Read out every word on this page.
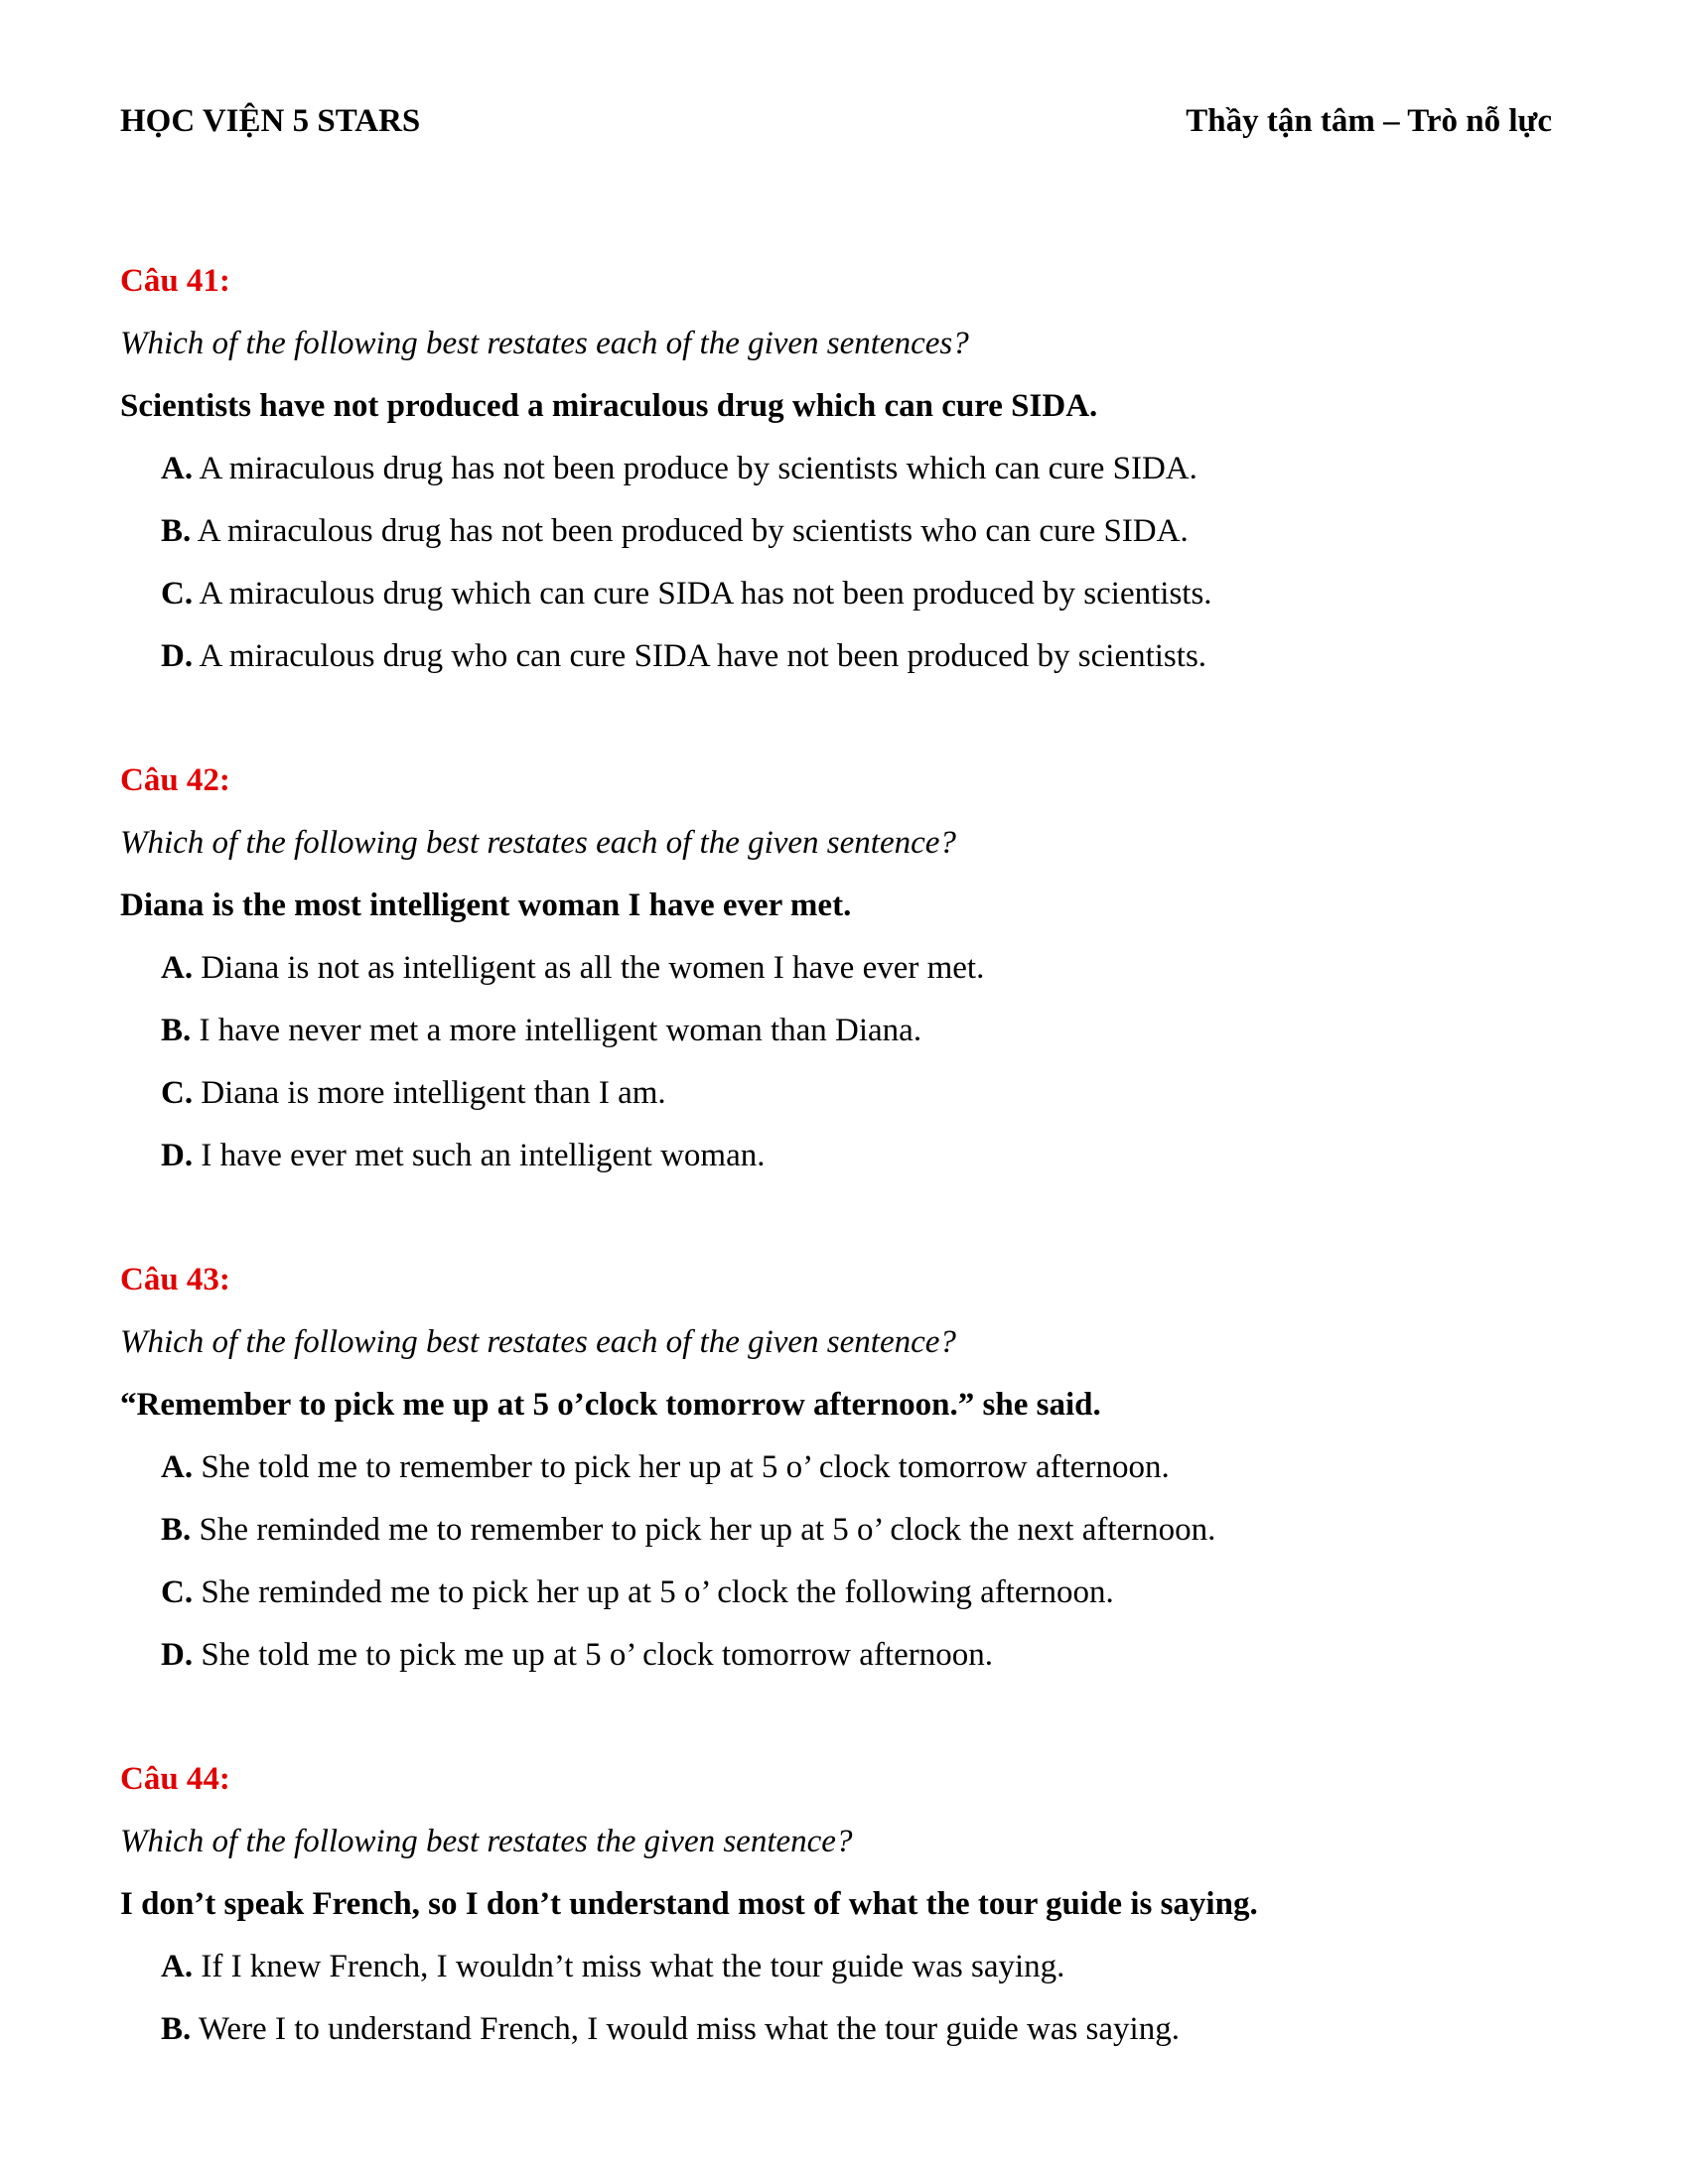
HỌC VIỆN 5 STARS	Thầy tận tâm – Trò nỗ lực
Câu 41:
Which of the following best restates each of the given sentences?
Scientists have not produced a miraculous drug which can cure SIDA.
A. A miraculous drug has not been produce by scientists which can cure SIDA.
B. A miraculous drug has not been produced by scientists who can cure SIDA.
C. A miraculous drug which can cure SIDA has not been produced by scientists.
D. A miraculous drug who can cure SIDA have not been produced by scientists.
Câu 42:
Which of the following best restates each of the given sentence?
Diana is the most intelligent woman I have ever met.
A. Diana is not as intelligent as all the women I have ever met.
B. I have never met a more intelligent woman than Diana.
C. Diana is more intelligent than I am.
D. I have ever met such an intelligent woman.
Câu 43:
Which of the following best restates each of the given sentence?
“Remember to pick me up at 5 o’clock tomorrow afternoon.” she said.
A. She told me to remember to pick her up at 5 o’ clock tomorrow afternoon.
B. She reminded me to remember to pick her up at 5 o’ clock the next afternoon.
C. She reminded me to pick her up at 5 o’ clock the following afternoon.
D. She told me to pick me up at 5 o’ clock tomorrow afternoon.
Câu 44:
Which of the following best restates the given sentence?
I don’t speak French, so I don’t understand most of what the tour guide is saying.
A. If I knew French, I wouldn’t miss what the tour guide was saying.
B. Were I to understand French, I would miss what the tour guide was saying.
